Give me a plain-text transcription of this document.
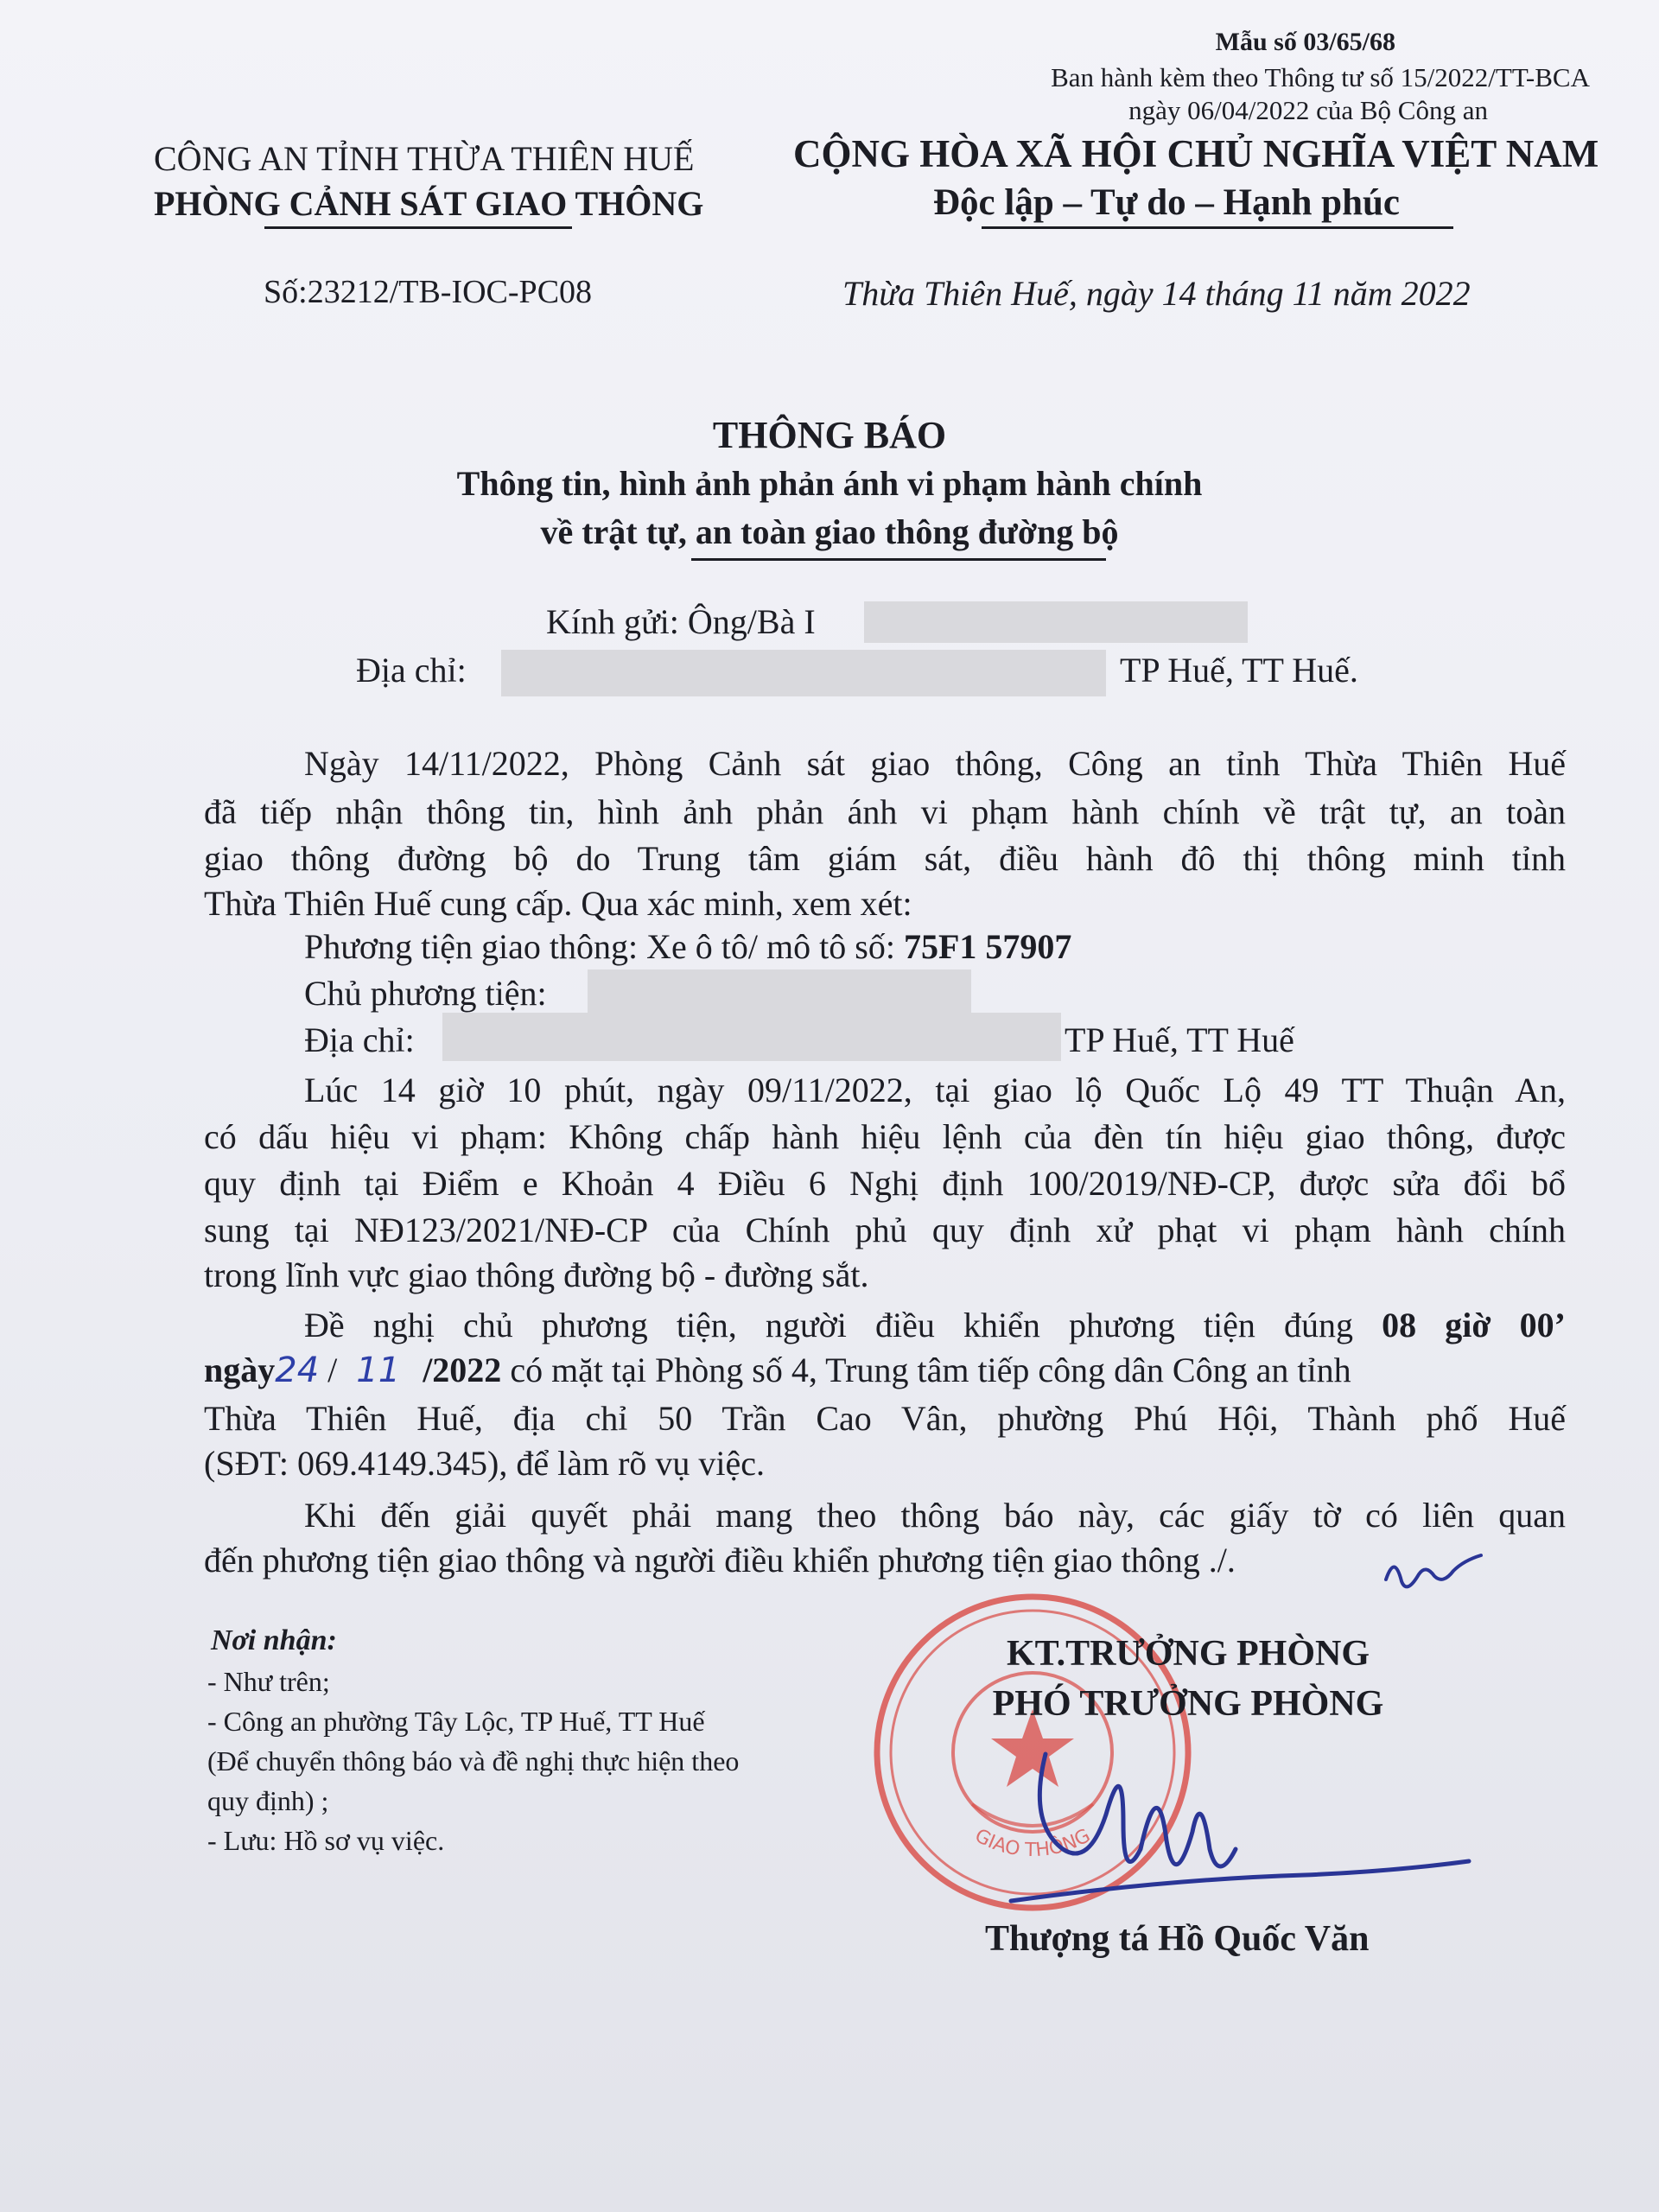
Mẫu số 03/65/68
Ban hành kèm theo Thông tư số 15/2022/TT-BCA
ngày 06/04/2022 của Bộ Công an
CÔNG AN TỈNH THỪA THIÊN HUẾ
PHÒNG CẢNH SÁT GIAO THÔNG
CỘNG HÒA XÃ HỘI CHỦ NGHĨA VIỆT NAM
Độc lập – Tự do – Hạnh phúc
Số:23212/TB-IOC-PC08	Thừa Thiên Huế, ngày 14 tháng 11 năm 2022
THÔNG BÁO
Thông tin, hình ảnh phản ánh vi phạm hành chính
về trật tự, an toàn giao thông đường bộ
Kính gửi: Ông/Bà I
Địa chỉ:	TP Huế, TT Huế.
Ngày 14/11/2022, Phòng Cảnh sát giao thông, Công an tỉnh Thừa Thiên Huế
đã tiếp nhận thông tin, hình ảnh phản ánh vi phạm hành chính về trật tự, an toàn
giao thông đường bộ do Trung tâm giám sát, điều hành đô thị thông minh tỉnh
Thừa Thiên Huế cung cấp. Qua xác minh, xem xét:
Phương tiện giao thông: Xe ô tô/ mô tô số: 75F1 57907
Chủ phương tiện:
Địa chỉ:	TP Huế, TT Huế
Lúc 14 giờ 10 phút, ngày 09/11/2022, tại giao lộ Quốc Lộ 49 TT Thuận An,
có dấu hiệu vi phạm: Không chấp hành hiệu lệnh của đèn tín hiệu giao thông, được
quy định tại Điểm e Khoản 4 Điều 6 Nghị định 100/2019/NĐ-CP, được sửa đổi bổ
sung tại NĐ123/2021/NĐ-CP của Chính phủ quy định xử phạt vi phạm hành chính
trong lĩnh vực giao thông đường bộ - đường sắt.
Đề nghị chủ phương tiện, người điều khiển phương tiện đúng 08 giờ 00’
ngày24 / 11 /2022 có mặt tại Phòng số 4, Trung tâm tiếp công dân Công an tỉnh
Thừa Thiên Huế, địa chỉ 50 Trần Cao Vân, phường Phú Hội, Thành phố Huế
(SĐT: 069.4149.345), để làm rõ vụ việc.
Khi đến giải quyết phải mang theo thông báo này, các giấy tờ có liên quan
đến phương tiện giao thông và người điều khiển phương tiện giao thông ./.
Nơi nhận:
- Như trên;
- Công an phường Tây Lộc, TP Huế, TT Huế
(Để chuyển thông báo và đề nghị thực hiện theo
quy định) ;
- Lưu: Hồ sơ vụ việc.	GIAO THÔNG
KT.TRƯỞNG PHÒNG
PHÓ TRƯỞNG PHÒNG
Thượng tá Hồ Quốc Văn
